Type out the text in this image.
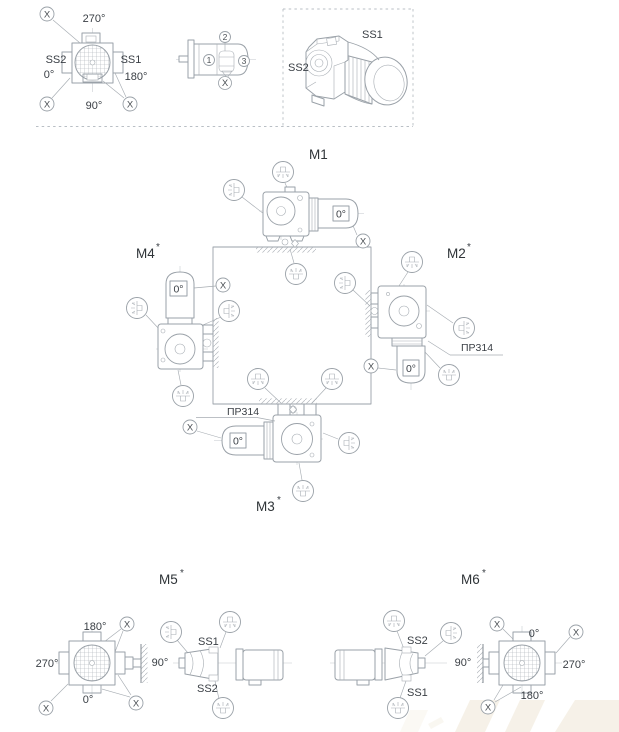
X
X	X
270°
SS2	SS1
0°	180°
90°
1
2
3
X
SS1
SS2
M1
0°
X
M2 *
0°
X
ПР314
M4 *
0°	X
M3 *
0°
X
ПР314
M5 *
180°
270°	90°
0°
X
X	X
SS1
SS2
M6 *
SS2
SS1
90°
0°
270°
180°
X
X
X
